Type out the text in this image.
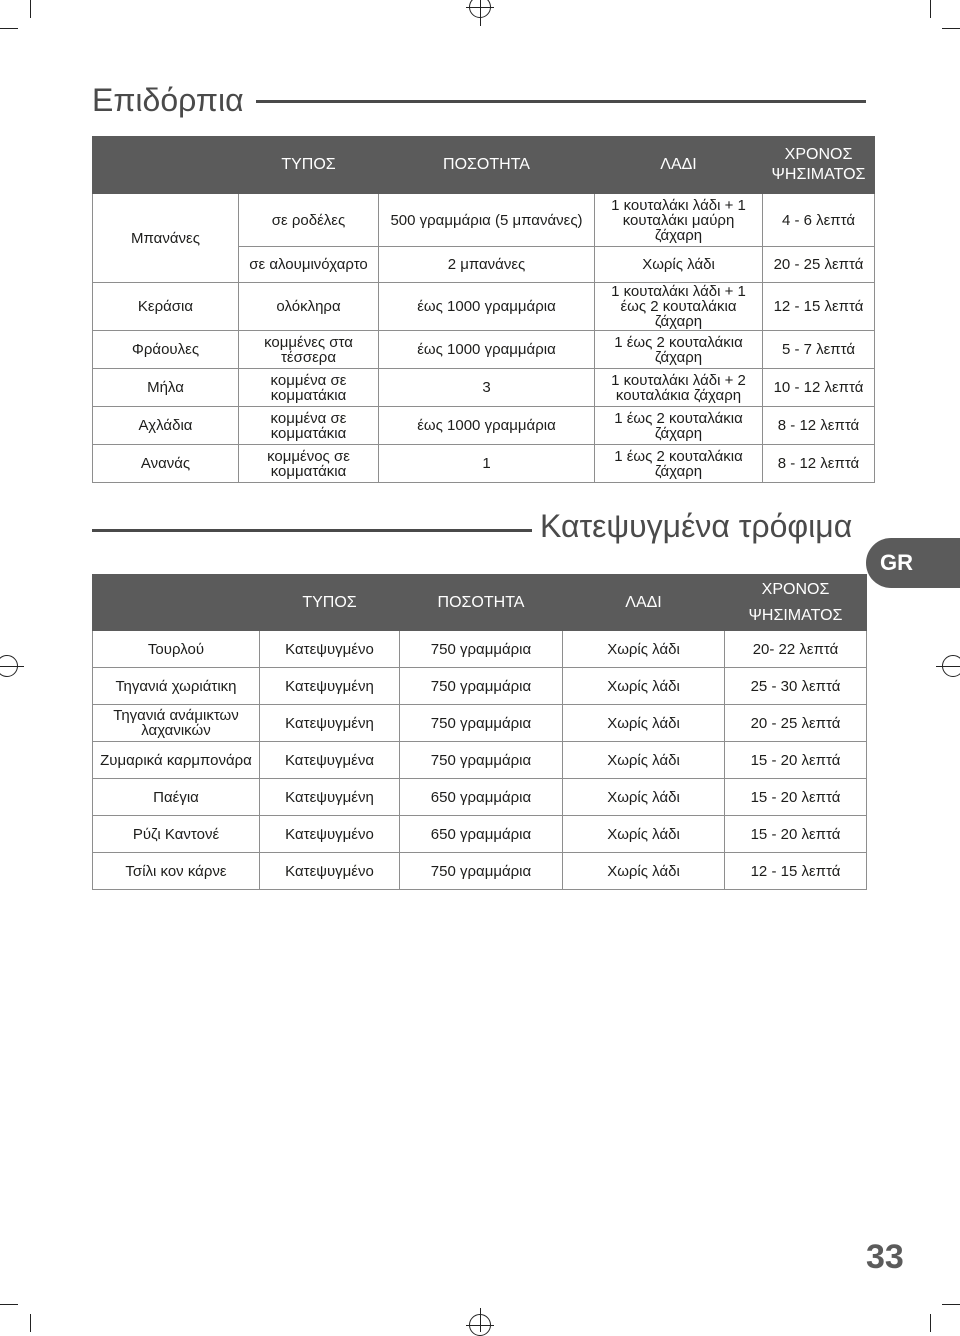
Επιδόρπια
	ΤΥΠΟΣ	ΠΟΣΟΤΗΤΑ	ΛΑΔΙ	ΧΡΟΝΟΣ ΨΗΣΙΜΑΤΟΣ
Μπανάνες	σε ροδέλες	500 γραμμάρια (5 μπανάνες)	1 κουταλάκι λάδι + 1 κουταλάκι μαύρη ζάχαρη	4 - 6 λεπτά
	σε αλουμινόχαρτο	2 μπανάνες	Χωρίς λάδι	20 - 25 λεπτά
Κεράσια	ολόκληρα	έως 1000 γραμμάρια	1 κουταλάκι λάδι + 1 έως 2 κουταλάκια ζάχαρη	12 - 15 λεπτά
Φράουλες	κομμένες στα τέσσερα	έως 1000 γραμμάρια	1 έως 2 κουταλάκια ζάχαρη	5 - 7 λεπτά
Μήλα	κομμένα σε κομματάκια	3	1 κουταλάκι λάδι + 2 κουταλάκια ζάχαρη	10 - 12 λεπτά
Αχλάδια	κομμένα σε κομματάκια	έως 1000 γραμμάρια	1 έως 2 κουταλάκια ζάχαρη	8 - 12 λεπτά
Ανανάς	κομμένος σε κομματάκια	1	1 έως 2 κουταλάκια ζάχαρη	8 - 12 λεπτά
Κατεψυγμένα τρόφιμα
GR
	ΤΥΠΟΣ	ΠΟΣΟΤΗΤΑ	ΛΑΔΙ	ΧΡΟΝΟΣ ΨΗΣΙΜΑΤΟΣ
Τουρλού	Κατεψυγμένο	750 γραμμάρια	Χωρίς λάδι	20- 22 λεπτά
Τηγανιά χωριάτικη	Κατεψυγμένη	750 γραμμάρια	Χωρίς λάδι	25 - 30 λεπτά
Τηγανιά ανάμικτων λαχανικών	Κατεψυγμένη	750 γραμμάρια	Χωρίς λάδι	20 - 25 λεπτά
Ζυμαρικά καρμπονάρα	Κατεψυγμένα	750 γραμμάρια	Χωρίς λάδι	15 - 20 λεπτά
Παέγια	Κατεψυγμένη	650 γραμμάρια	Χωρίς λάδι	15 - 20 λεπτά
Ρύζι Καντονέ	Κατεψυγμένο	650 γραμμάρια	Χωρίς λάδι	15 - 20 λεπτά
Τσίλι κον κάρνε	Κατεψυγμένο	750 γραμμάρια	Χωρίς λάδι	12 - 15 λεπτά
33
